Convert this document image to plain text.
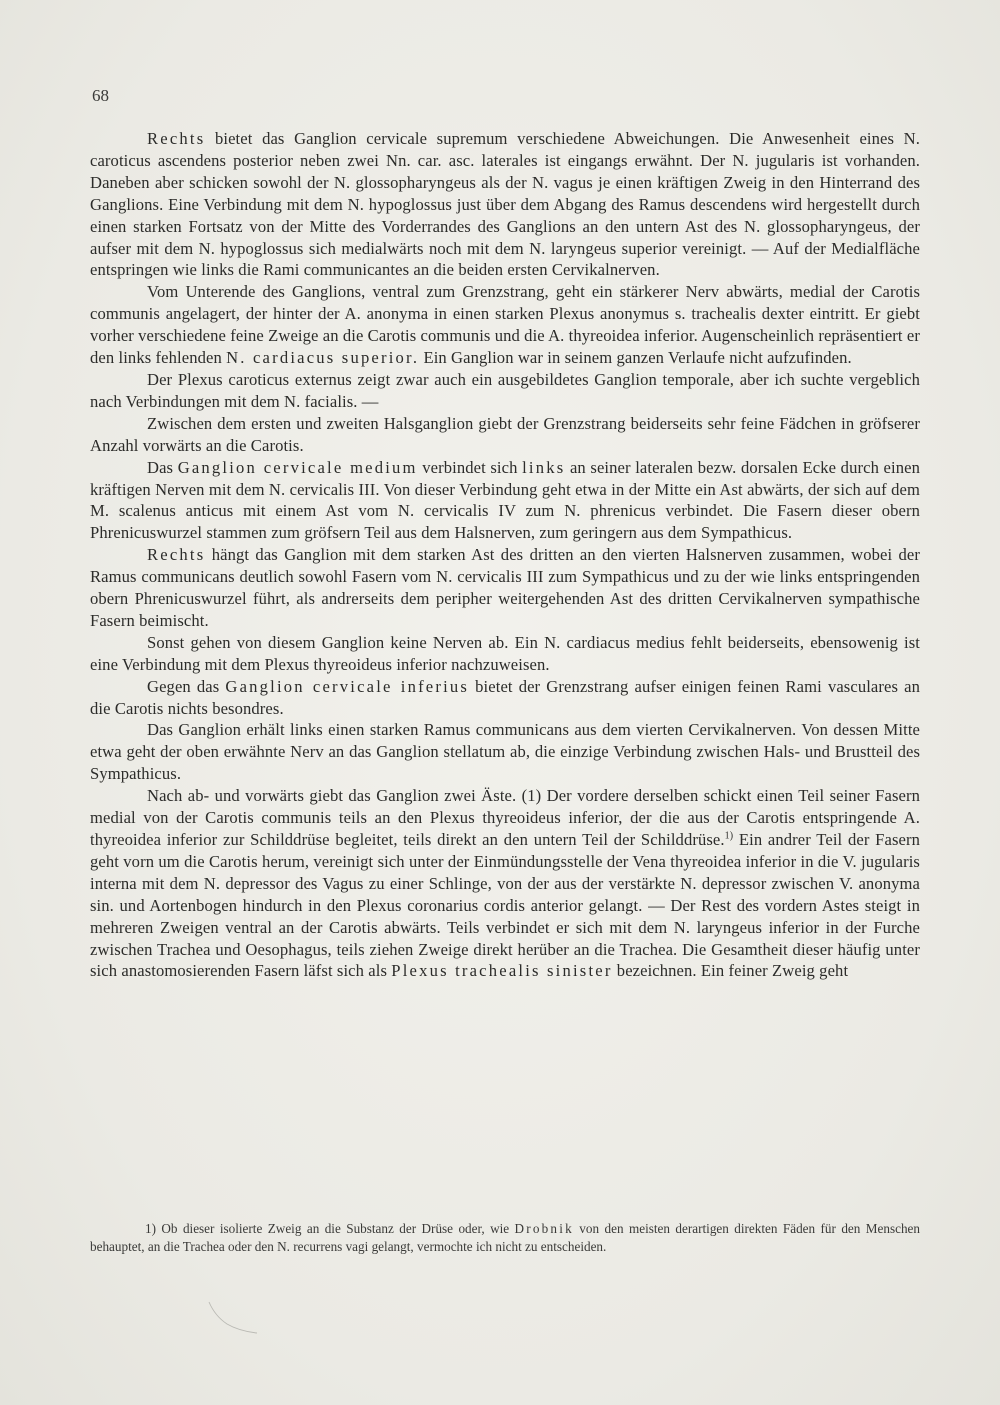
68

Rechts bietet das Ganglion cervicale supremum verschiedene Abweichungen. Die Anwesenheit eines N. caroticus ascendens posterior neben zwei Nn. car. asc. laterales ist eingangs erwähnt. Der N. jugularis ist vorhanden. Daneben aber schicken sowohl der N. glossopharyngeus als der N. vagus je einen kräftigen Zweig in den Hinterrand des Ganglions. Eine Verbindung mit dem N. hypoglossus just über dem Abgang des Ramus descendens wird hergestellt durch einen starken Fortsatz von der Mitte des Vorderrandes des Ganglions an den untern Ast des N. glossopharyngeus, der aufser mit dem N. hypoglossus sich medialwärts noch mit dem N. laryngeus superior vereinigt. — Auf der Medialfläche entspringen wie links die Rami communicantes an die beiden ersten Cervikalnerven.

Vom Unterende des Ganglions, ventral zum Grenzstrang, geht ein stärkerer Nerv abwärts, medial der Carotis communis angelagert, der hinter der A. anonyma in einen starken Plexus anonymus s. trachealis dexter eintritt. Er giebt vorher verschiedene feine Zweige an die Carotis communis und die A. thyreoidea inferior. Augenscheinlich repräsentiert er den links fehlenden N. cardiacus superior. Ein Ganglion war in seinem ganzen Verlaufe nicht aufzufinden.

Der Plexus caroticus externus zeigt zwar auch ein ausgebildetes Ganglion temporale, aber ich suchte vergeblich nach Verbindungen mit dem N. facialis. —

Zwischen dem ersten und zweiten Halsganglion giebt der Grenzstrang beiderseits sehr feine Fädchen in gröfserer Anzahl vorwärts an die Carotis.

Das Ganglion cervicale medium verbindet sich links an seiner lateralen bezw. dorsalen Ecke durch einen kräftigen Nerven mit dem N. cervicalis III. Von dieser Verbindung geht etwa in der Mitte ein Ast abwärts, der sich auf dem M. scalenus anticus mit einem Ast vom N. cervicalis IV zum N. phrenicus verbindet. Die Fasern dieser obern Phrenicuswurzel stammen zum gröfsern Teil aus dem Halsnerven, zum geringern aus dem Sympathicus.

Rechts hängt das Ganglion mit dem starken Ast des dritten an den vierten Halsnerven zusammen, wobei der Ramus communicans deutlich sowohl Fasern vom N. cervicalis III zum Sympathicus und zu der wie links entspringenden obern Phrenicuswurzel führt, als andrerseits dem peripher weitergehenden Ast des dritten Cervikalnerven sympathische Fasern beimischt.

Sonst gehen von diesem Ganglion keine Nerven ab. Ein N. cardiacus medius fehlt beiderseits, ebensowenig ist eine Verbindung mit dem Plexus thyreoideus inferior nachzuweisen.

Gegen das Ganglion cervicale inferius bietet der Grenzstrang aufser einigen feinen Rami vasculares an die Carotis nichts besondres.

Das Ganglion erhält links einen starken Ramus communicans aus dem vierten Cervikalnerven. Von dessen Mitte etwa geht der oben erwähnte Nerv an das Ganglion stellatum ab, die einzige Verbindung zwischen Hals- und Brustteil des Sympathicus.

Nach ab- und vorwärts giebt das Ganglion zwei Äste. (1) Der vordere derselben schickt einen Teil seiner Fasern medial von der Carotis communis teils an den Plexus thyreoideus inferior, der die aus der Carotis entspringende A. thyreoidea inferior zur Schilddrüse begleitet, teils direkt an den untern Teil der Schilddrüse.$^{1)}$ Ein andrer Teil der Fasern geht vorn um die Carotis herum, vereinigt sich unter der Einmündungsstelle der Vena thyreoidea inferior in die V. jugularis interna mit dem N. depressor des Vagus zu einer Schlinge, von der aus der verstärkte N. depressor zwischen V. anonyma sin. und Aortenbogen hindurch in den Plexus coronarius cordis anterior gelangt. — Der Rest des vordern Astes steigt in mehreren Zweigen ventral an der Carotis abwärts. Teils verbindet er sich mit dem N. laryngeus inferior in der Furche zwischen Trachea und Oesophagus, teils ziehen Zweige direkt herüber an die Trachea. Die Gesamtheit dieser häufig unter sich anastomosierenden Fasern läfst sich als Plexus trachealis sinister bezeichnen. Ein feiner Zweig geht

1) Ob dieser isolierte Zweig an die Substanz der Drüse oder, wie Drobnik von den meisten derartigen direkten Fäden für den Menschen behauptet, an die Trachea oder den N. recurrens vagi gelangt, vermochte ich nicht zu entscheiden.
